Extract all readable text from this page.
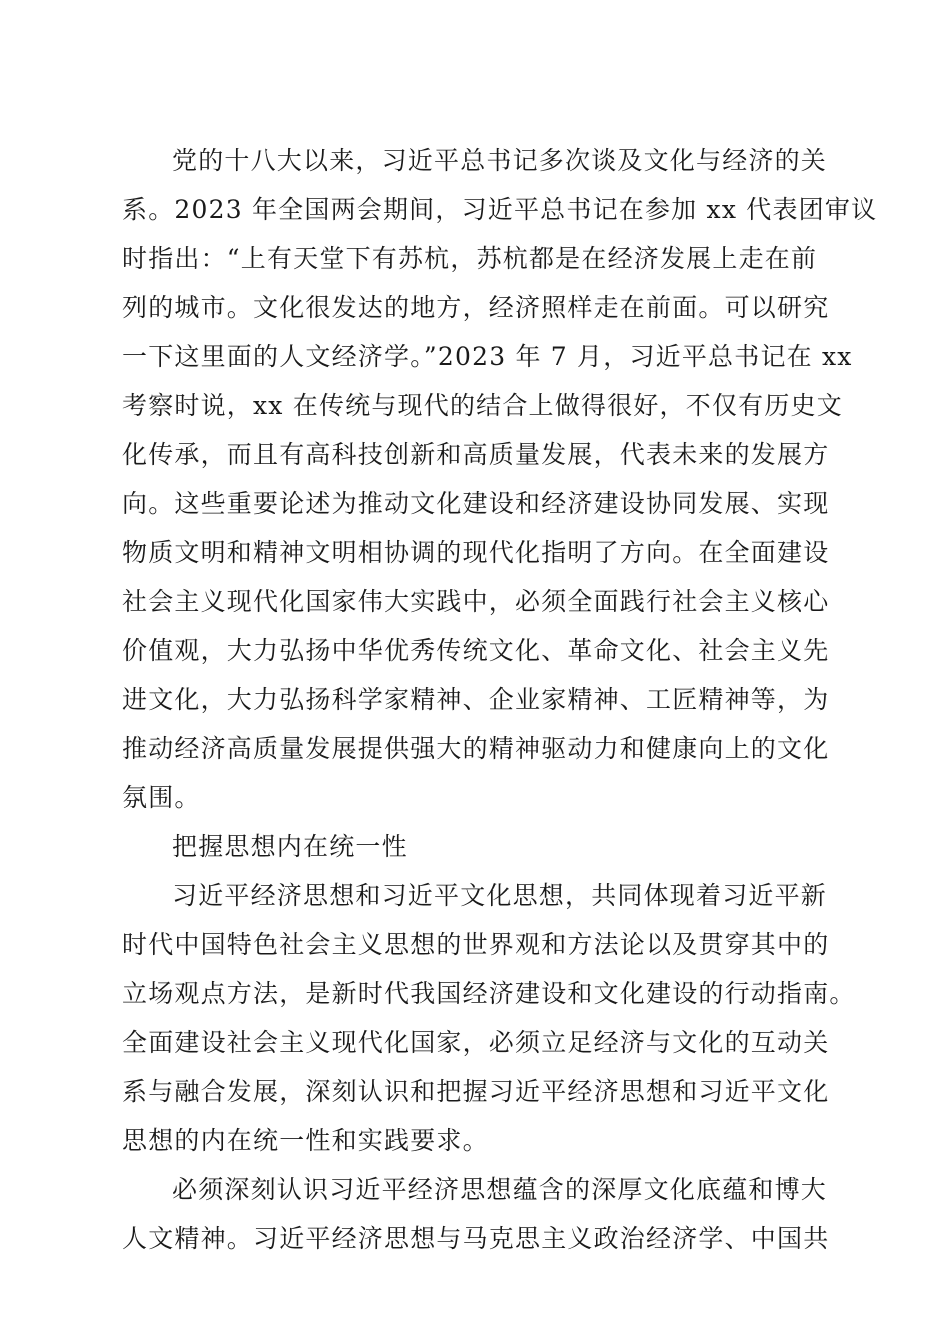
党的十八大以来，习近平总书记多次谈及文化与经济的关
系。2023 年全国两会期间，习近平总书记在参加 xx 代表团审议
时指出：“上有天堂下有苏杭，苏杭都是在经济发展上走在前
列的城市。文化很发达的地方，经济照样走在前面。可以研究
一下这里面的人文经济学。”2023 年 7 月，习近平总书记在 xx
考察时说，xx 在传统与现代的结合上做得很好，不仅有历史文
化传承，而且有高科技创新和高质量发展，代表未来的发展方
向。这些重要论述为推动文化建设和经济建设协同发展、实现
物质文明和精神文明相协调的现代化指明了方向。在全面建设
社会主义现代化国家伟大实践中，必须全面践行社会主义核心
价值观，大力弘扬中华优秀传统文化、革命文化、社会主义先
进文化，大力弘扬科学家精神、企业家精神、工匠精神等，为
推动经济高质量发展提供强大的精神驱动力和健康向上的文化
氛围。
把握思想内在统一性
习近平经济思想和习近平文化思想，共同体现着习近平新
时代中国特色社会主义思想的世界观和方法论以及贯穿其中的
立场观点方法，是新时代我国经济建设和文化建设的行动指南。
全面建设社会主义现代化国家，必须立足经济与文化的互动关
系与融合发展，深刻认识和把握习近平经济思想和习近平文化
思想的内在统一性和实践要求。
必须深刻认识习近平经济思想蕴含的深厚文化底蕴和博大
人文精神。习近平经济思想与马克思主义政治经济学、中国共
